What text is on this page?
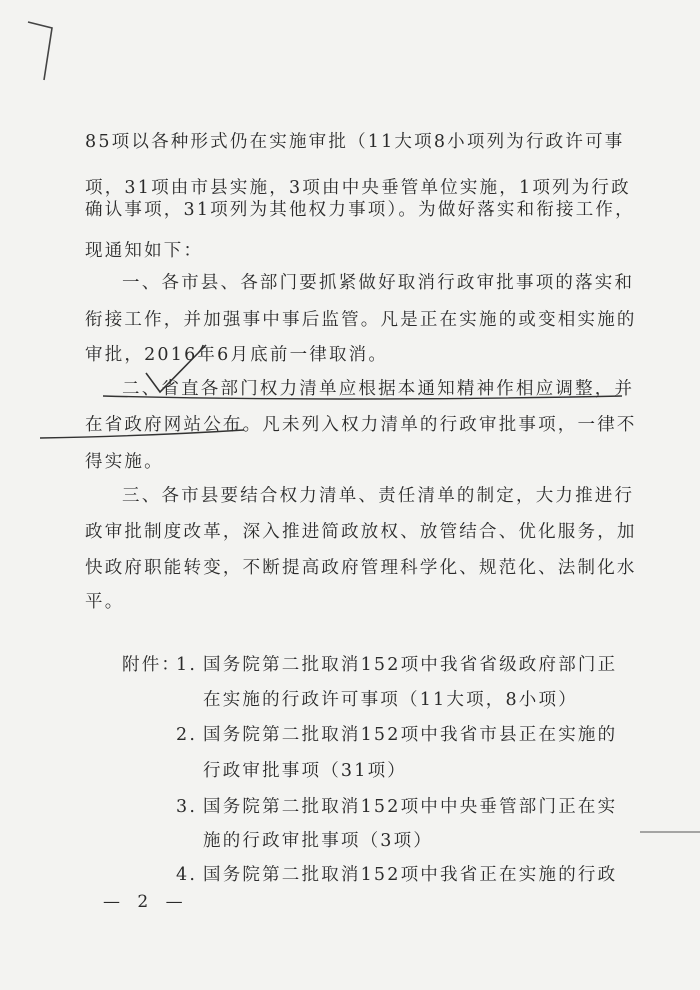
85项以各种形式仍在实施审批（11大项8小项列为行政许可事
项，31项由市县实施，3项由中央垂管单位实施，1项列为行政
确认事项，31项列为其他权力事项）。为做好落实和衔接工作，
现通知如下：
一、各市县、各部门要抓紧做好取消行政审批事项的落实和
衔接工作，并加强事中事后监管。凡是正在实施的或变相实施的
审批，2016年6月底前一律取消。
二、省直各部门权力清单应根据本通知精神作相应调整，并
在省政府网站公布。凡未列入权力清单的行政审批事项，一律不
得实施。
三、各市县要结合权力清单、责任清单的制定，大力推进行
政审批制度改革，深入推进简政放权、放管结合、优化服务，加
快政府职能转变，不断提高政府管理科学化、规范化、法制化水
平。
附件：
1. 国务院第二批取消152项中我省省级政府部门正
在实施的行政许可事项（11大项，8小项）
2. 国务院第二批取消152项中我省市县正在实施的
行政审批事项（31项）
3. 国务院第二批取消152项中中央垂管部门正在实
施的行政审批事项（3项）
4. 国务院第二批取消152项中我省正在实施的行政
— 2 —
